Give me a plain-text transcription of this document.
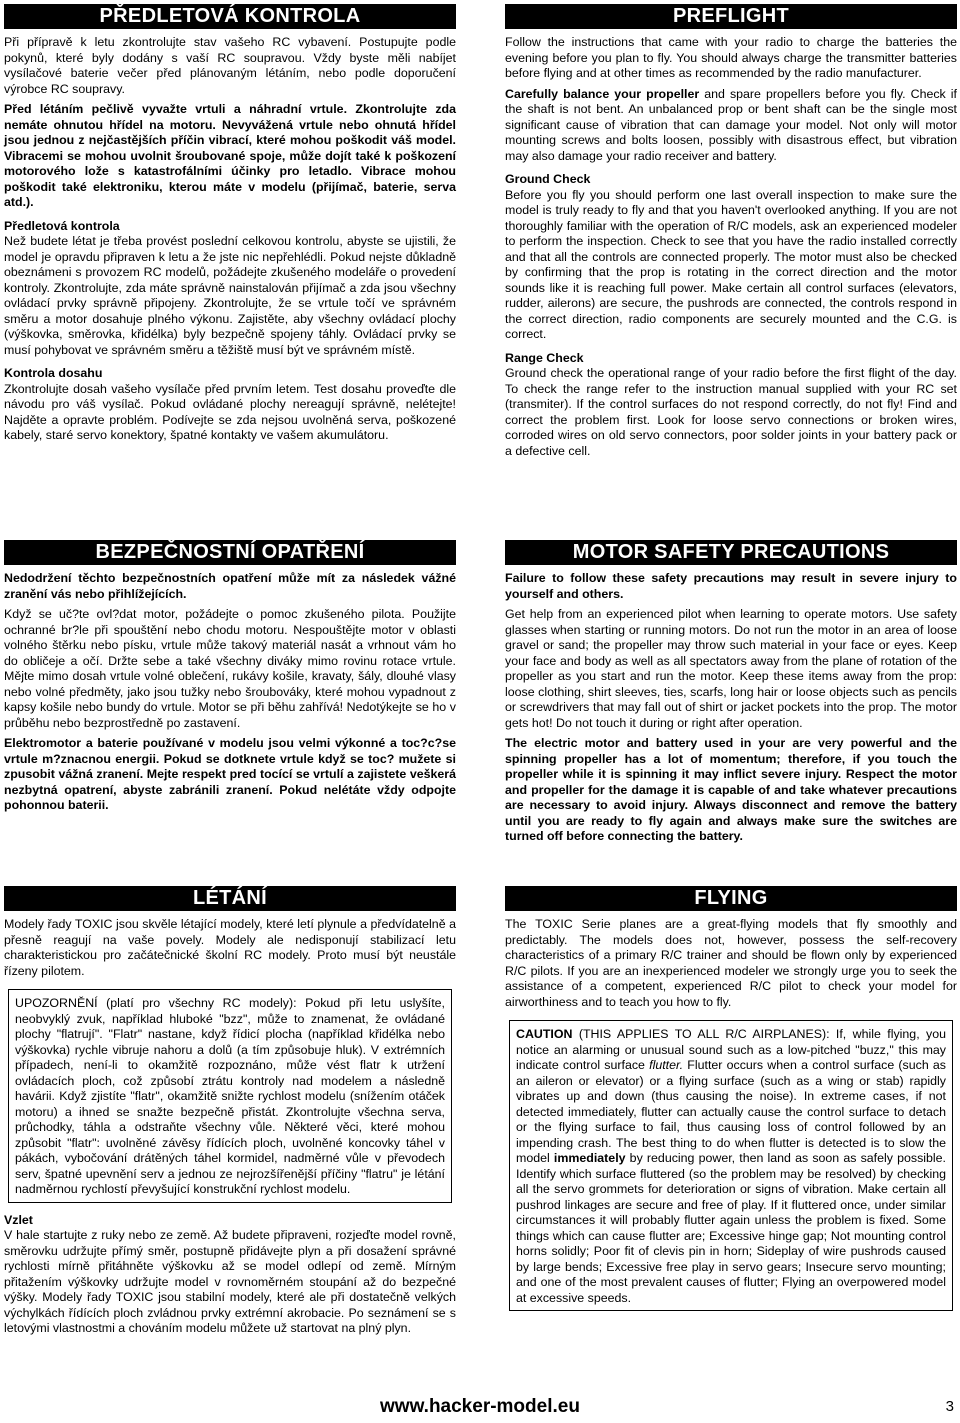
PŘEDLETOVÁ KONTROLA

Při přípravě k letu zkontrolujte stav vašeho RC vybavení. Postupujte podle pokynů, které byly dodány s vaší RC soupravou. Vždy byste měli nabíjet vysílačové baterie večer před plánovaným létáním, nebo podle doporučení výrobce RC soupravy.

Před létáním pečlivě vyvažte vrtuli a náhradní vrtule. Zkontrolujte zda nemáte ohnutou hřídel na motoru. Nevyvážená vrtule nebo ohnutá hřídel jsou jednou z nejčastějších příčin vibrací, které mohou poškodit váš model. Vibracemi se mohou uvolnit šroubované spoje, může dojít také k poškození motorového lože s katastrofálními účinky pro letadlo. Vibrace mohou poškodit také elektroniku, kterou máte v modelu (přijímač, baterie, serva atd.).

Předletová kontrola

Než budete létat je třeba provést poslední celkovou kontrolu, abyste se ujistili, že model je opravdu připraven k letu a že jste nic nepřehlédli. Pokud nejste důkladně obeznámeni s provozem RC modelů, požádejte zkušeného modeláře o provedení kontroly. Zkontrolujte, zda máte správně nainstalován přijímač a zda jsou všechny ovládací prvky správně připojeny. Zkontrolujte, že se vrtule točí ve správném směru a motor dosahuje plného výkonu. Zajistěte, aby všechny ovládací plochy (výškovka, směrovka, křidélka) byly bezpečně spojeny táhly. Ovládací prvky se musí pohybovat ve správném směru a těžiště musí být ve správném místě.

Kontrola dosahu

Zkontrolujte dosah vašeho vysílače před prvním letem. Test dosahu proveďte dle návodu pro váš vysílač. Pokud ovládané plochy nereagují správně, nelétejte! Najděte a opravte problém. Podívejte se zda nejsou uvolněná serva, poškozené kabely, staré servo konektory, špatné kontakty ve vašem akumulátoru.

PREFLIGHT

Follow the instructions that came with your radio to charge the batteries the evening before you plan to fly. You should always charge the transmitter batteries before flying and at other times as recommended by the radio manufacturer.

Carefully balance your propeller and spare propellers before you fly. Check if the shaft is not bent. An unbalanced prop or bent shaft can be the single most significant cause of vibration that can damage your model. Not only will motor mounting screws and bolts loosen, possibly with disastrous effect, but vibration may also damage your radio receiver and battery.

Ground Check

Before you fly you should perform one last overall inspection to make sure the model is truly ready to fly and that you haven't overlooked anything. If you are not thoroughly familiar with the operation of R/C models, ask an experienced modeler to perform the inspection. Check to see that you have the radio installed correctly and that all the controls are connected properly. The motor must also be checked by confirming that the prop is rotating in the correct direction and the motor sounds like it is reaching full power. Make certain all control surfaces (elevators, rudder, ailerons) are secure, the pushrods are connected, the controls respond in the correct direction, radio components are securely mounted and the C.G. is correct.

Range Check

Ground check the operational range of your radio before the first flight of the day. To check the range refer to the instruction manual supplied with your RC set (transmiter). If the control surfaces do not respond correctly, do not fly! Find and correct the problem first. Look for loose servo connections or broken wires, corroded wires on old servo connectors, poor solder joints in your battery pack or a defective cell.

BEZPEČNOSTNÍ OPATŘENÍ

Nedodržení těchto bezpečnostních opatření může mít za následek vážné zranění vás nebo přihlížejících.

Když se uč?te ovl?dat motor, požádejte o pomoc zkušeného pilota. Použijte ochranné br?le při spouštění nebo chodu motoru. Nespouštějte motor v oblasti volného štěrku nebo písku, vrtule může takový materiál nasát a vrhnout vám ho do obličeje a očí. Držte sebe a také všechny diváky mimo rovinu rotace vrtule. Mějte mimo dosah vrtule volné oblečení, rukávy košile, kravaty, šály, dlouhé vlasy nebo volné předměty, jako jsou tužky nebo šroubováky, které mohou vypadnout z kapsy košile nebo bundy do vrtule. Motor se při běhu zahřívá! Nedotýkejte se ho v průběhu nebo bezprostředně po zastavení.

Elektromotor a baterie používané v modelu jsou velmi výkonné a toc?c?se vrtule m?znacnou energii. Pokud se dotknete vrtule když se toc? mužete si zpusobit vážná zranení. Mejte respekt pred tocící se vrtulí a zajistete veškerá nezbytná opatrení, abyste zabránili zranení. Pokud nelétáte vždy odpojte pohonnou baterii.

MOTOR SAFETY PRECAUTIONS

Failure to follow these safety precautions may result in severe injury to yourself and others.

Get help from an experienced pilot when learning to operate motors. Use safety glasses when starting or running motors. Do not run the motor in an area of loose gravel or sand; the propeller may throw such material in your face or eyes. Keep your face and body as well as all spectators away from the plane of rotation of the propeller as you start and run the motor. Keep these items away from the prop: loose clothing, shirt sleeves, ties, scarfs, long hair or loose objects such as pencils or screwdrivers that may fall out of shirt or jacket pockets into the prop. The motor gets hot! Do not touch it during or right after operation.

The electric motor and battery used in your are very powerful and the spinning propeller has a lot of momentum; therefore, if you touch the propeller while it is spinning it may inflict severe injury. Respect the motor and propeller for the damage it is capable of and take whatever precautions are necessary to avoid injury. Always disconnect and remove the battery until you are ready to fly again and always make sure the switches are turned off before connecting the battery.

LÉTÁNÍ

Modely řady TOXIC jsou skvěle létající modely, které letí plynule a předvídatelně a přesně reagují na vaše povely. Modely ale nedisponují stabilizací letu charakteristickou pro začátečnické školní RC modely. Proto musí být neustále řízeny pilotem.

UPOZORNĚNÍ (platí pro všechny RC modely): Pokud při letu uslyšíte, neobvyklý zvuk, například hluboké "bzz", může to znamenat, že ovládané plochy "flatrují". "Flatr" nastane, když řídicí plocha (například křidélka nebo výškovka) rychle vibruje nahoru a dolů (a tím způsobuje hluk). V extrémních případech, není-li to okamžitě rozpoznáno, může vést flatr k utržení ovládacích ploch, což způsobí ztrátu kontroly nad modelem a následně havárii. Když zjistíte "flatr", okamžitě snižte rychlost modelu (snížením otáček motoru) a ihned se snažte bezpečně přistát. Zkontrolujte všechna serva, průchodky, táhla a odstraňte všechny vůle. Některé věci, které mohou způsobit "flatr": uvolněné závěsy řídících ploch, uvolněné koncovky táhel v pákách, vybočování drátěných táhel kormidel, nadměrné vůle v převodech serv, špatné upevnění serv a jednou ze nejrozšířenější příčiny "flatru" je létání nadměrnou rychlostí převyšující konstrukční rychlost modelu.

Vzlet

V hale startujte z ruky nebo ze země. Až budete připraveni, rozjeďte model rovně, směrovku udržujte přímý směr, postupně přidávejte plyn a při dosažení správné rychlosti mírně přitáhněte výškovku až se model odlepí od země. Mírným přitažením výškovky udržujte model v rovnoměrném stoupání až do bezpečné výšky. Modely řady TOXIC jsou stabilní modely, které ale při dostatečně velkých výchylkách řídících ploch zvládnou prvky extrémní akrobacie. Po seznámení se s letovými vlastnostmi a chováním modelu můžete už startovat na plný plyn.

FLYING

The TOXIC Serie planes are a great-flying models that fly smoothly and predictably. The models does not, however, possess the self-recovery characteristics of a primary R/C trainer and should be flown only by experienced R/C pilots. If you are an inexperienced modeler we strongly urge you to seek the assistance of a competent, experienced R/C pilot to check your model for airworthiness and to teach you how to fly.

CAUTION (THIS APPLIES TO ALL R/C AIRPLANES): If, while flying, you notice an alarming or unusual sound such as a low-pitched "buzz," this may indicate control surface flutter. Flutter occurs when a control surface (such as an aileron or elevator) or a flying surface (such as a wing or stab) rapidly vibrates up and down (thus causing the noise). In extreme cases, if not detected immediately, flutter can actually cause the control surface to detach or the flying surface to fail, thus causing loss of control followed by an impending crash. The best thing to do when flutter is detected is to slow the model immediately by reducing power, then land as soon as safely possible. Identify which surface fluttered (so the problem may be resolved) by checking all the servo grommets for deterioration or signs of vibration. Make certain all pushrod linkages are secure and free of play. If it fluttered once, under similar circumstances it will probably flutter again unless the problem is fixed. Some things which can cause flutter are; Excessive hinge gap; Not mounting control horns solidly; Poor fit of clevis pin in horn; Sideplay of wire pushrods caused by large bends; Excessive free play in servo gears; Insecure servo mounting; and one of the most prevalent causes of flutter; Flying an overpowered model at excessive speeds.

www.hacker-model.eu	3
